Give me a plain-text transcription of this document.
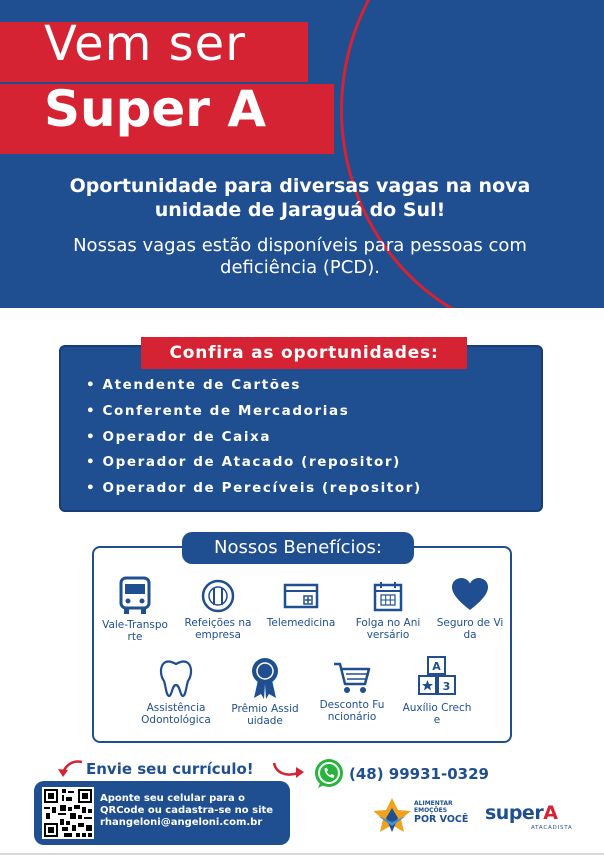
Vem ser
Super A
Oportunidade para diversas vagas na nova unidade de Jaraguá do Sul!
Nossas vagas estão disponíveis para pessoas com deficiência (PCD).
Confira as oportunidades:
• Atendente de Cartões
• Conferente de Mercadorias
• Operador de Caixa
• Operador de Atacado (repositor)
• Operador de Perecíveis (repositor)
Nossos Benefícios:
Vale-Transporte
Refeições na empresa
Telemedicina Folga no Aniversário
Seguro de Vida
Assistência Odontológica
Prêmio Assiduidade
Desconto Funcionário
A
3
Auxílio Creche
Envie seu currículo!	(48) 99931-0329
Aponte seu celular para o QRCode ou cadastra-se no site rhangeloni@angeloni.com.br
ALIMENTAR
EMOÇÕES
POR VOCÊ superA
ATACADISTA
